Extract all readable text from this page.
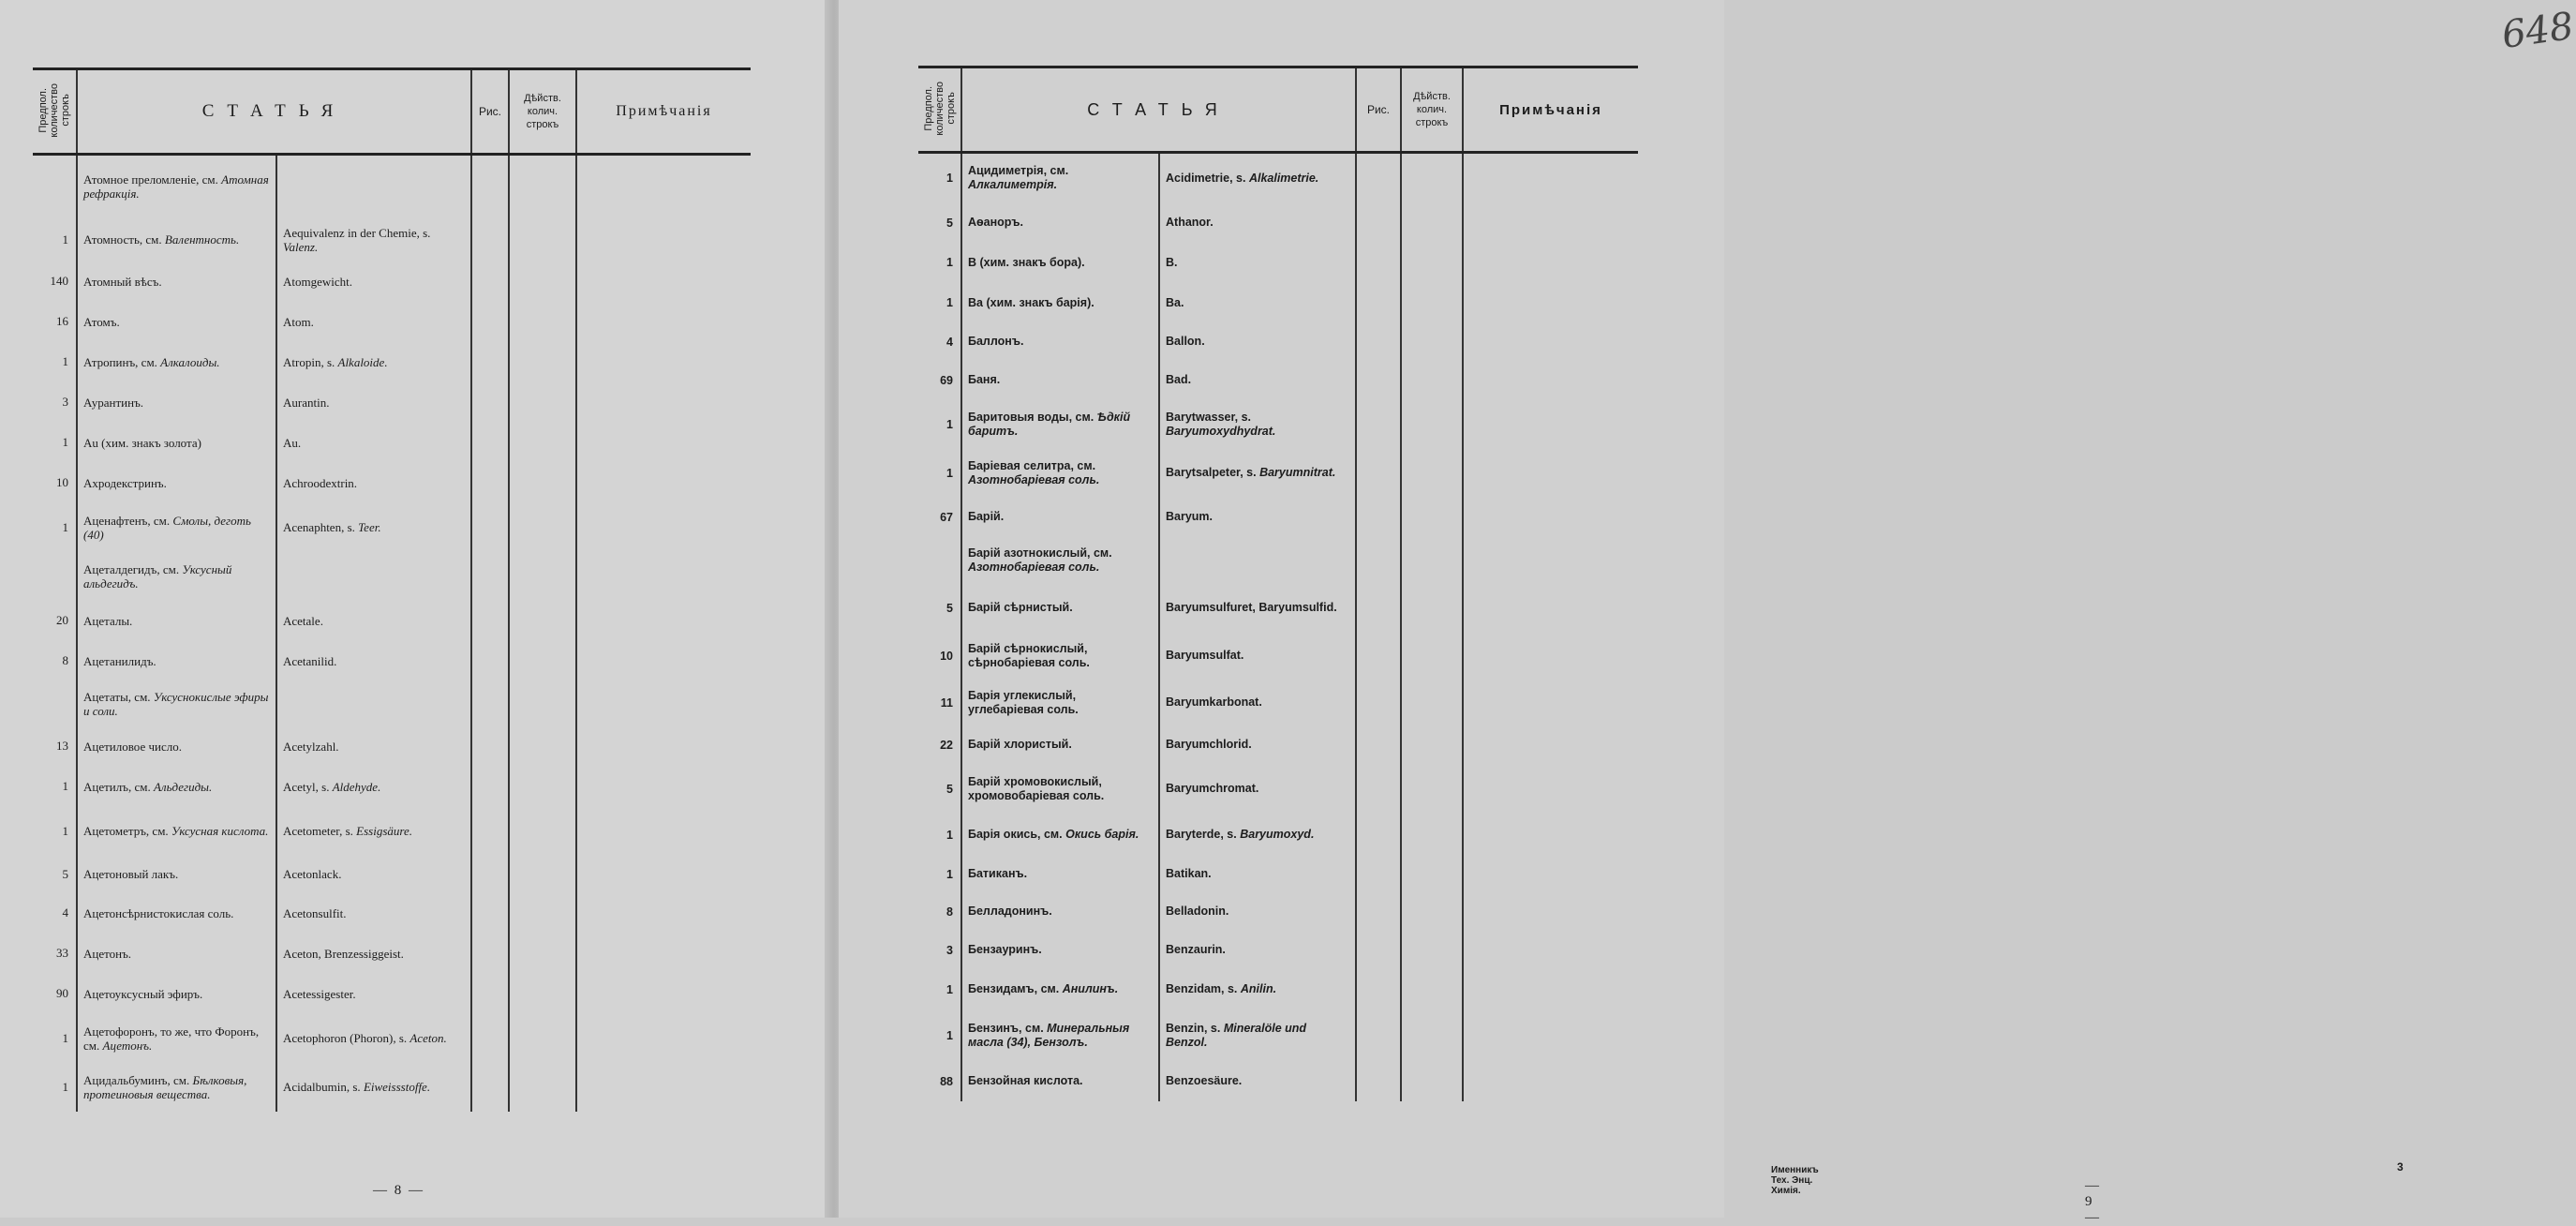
Предпол.
количество
строкъ	СТАТЬЯ		Рис.	Дѣйств.
колич.
строкъ	Примѣчанія
	Атомное преломленіе, см. Атомная рефракція.				
1	Атомность, см. Валентность.	Aequivalenz in der Chemie, s. Valenz.			
140	Атомный вѣсъ.	Atomgewicht.			
16	Атомъ.	Atom.			
1	Атропинъ, см. Алкалоиды.	Atropin, s. Alkaloide.			
3	Аурантинъ.	Aurantin.			
1	Au (хим. знакъ золота)	Au.			
10	Ахродекстринъ.	Achroodextrin.			
1	Аценафтенъ, см. Смолы, деготь (40)	Acenaphten, s. Teer.			
	Ацеталдегидъ, см. Уксусный альдегидъ.				
20	Ацеталы.	Acetale.			
8	Ацетанилидъ.	Acetanilid.			
	Ацетаты, см. Уксуснокислые эфиры и соли.				
13	Ацетиловое число.	Acetylzahl.			
1	Ацетилъ, см. Альдегиды.	Acetyl, s. Aldehyde.			
1	Ацетометръ, см. Уксусная кислота.	Acetometer, s. Essigsäure.			
5	Ацетоновый лакъ.	Acetonlack.			
4	Ацетонсѣрнистокислая соль.	Acetonsulfit.			
33	Ацетонъ.	Aceton, Brenzessiggeist.			
90	Ацетоуксусный эфиръ.	Acetessigester.			
1	Ацетофоронъ, то же, что Форонъ, см. Ацетонъ.	Acetophoron (Phoron), s. Aceton.			
1	Ацидальбуминъ, см. Бѣлковыя, протеиновыя вещества.	Acidalbumin, s. Eiweissstoffe.			
— 8 —
648
Именникъ Тех. Энц. Химія.	— 9 —
3
Предпол.
количество
строкъ	СТАТЬЯ		Рис.	Дѣйств.
колич.
строкъ	Примѣчанія
1	Ацидиметрія, см. Алкалиметрія.	Acidimetrie, s. Alkalimetrie.			
5	Аѳаноръ.	Athanor.			
1	B (хим. знакъ бора).	B.			
1	Ba (хим. знакъ барія).	Ba.			
4	Баллонъ.	Ballon.			
69	Баня.	Bad.			
1	Баритовыя воды, см. Ѣдкій баритъ.	Barytwasser, s. Baryumoxydhydrat.			
1	Баріевая селитра, см. Азотнобаріевая соль.	Barytsalpeter, s. Baryumnitrat.			
67	Барій.	Baryum.			
	Барій азотнокислый, см. Азотнобаріевая соль.				
5	Барій сѣрнистый.	Baryumsulfuret, Baryumsulfid.			
10	Барій сѣрнокислый, сѣрнобаріевая соль.	Baryumsulfat.			
11	Барія углекислый, углебаріевая соль.	Baryumkarbonat.			
22	Барій хлористый.	Baryumchlorid.			
5	Барій хромовокислый, хромовобаріевая соль.	Baryumchromat.			
1	Барія окись, см. Окись барія.	Baryterde, s. Baryumoxyd.			
1	Батиканъ.	Batikan.			
8	Белладонинъ.	Belladonin.			
3	Бензауринъ.	Benzaurin.			
1	Бензидамъ, см. Анилинъ.	Benzidam, s. Anilin.			
1	Бензинъ, см. Минеральныя масла (34), Бензолъ.	Benzin, s. Mineralöle und Benzol.			
88	Бензойная кислота.	Benzoesäure.			
